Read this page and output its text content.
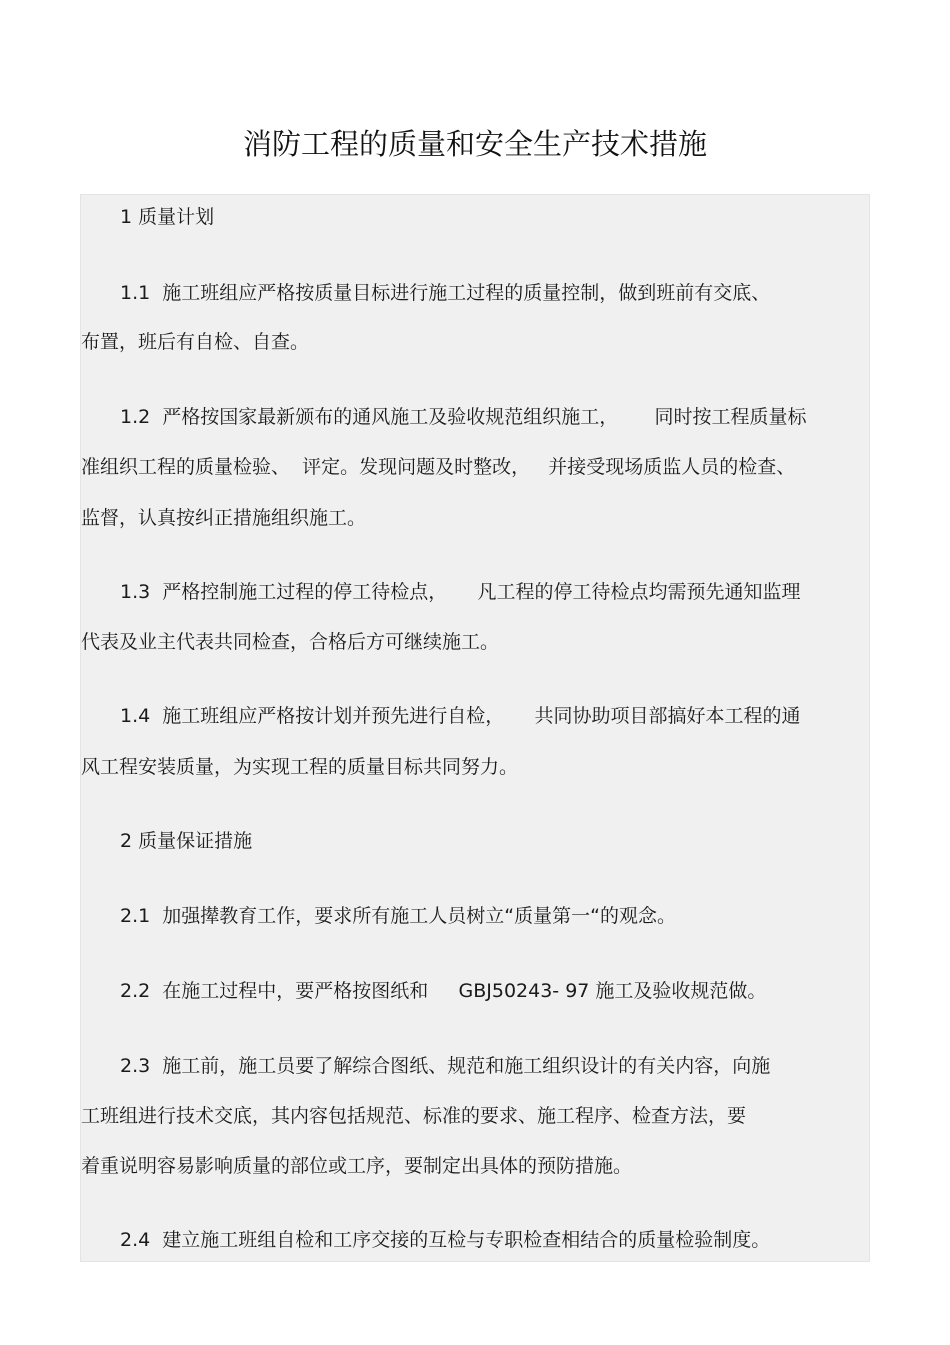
消防工程的质量和安全生产技术措施

1 质量计划

1.1  施工班组应严格按质量目标进行施工过程的质量控制，做到班前有交底、

布置，班后有自检、自查。

1.2  严格按国家最新颁布的通风施工及验收规范组织施工，      同时按工程质量标

准组织工程的质量检验、  评定。发现问题及时整改，   并接受现场质监人员的检查、

监督，认真按纠正措施组织施工。

1.3  严格控制施工过程的停工待检点，     凡工程的停工待检点均需预先通知监理

代表及业主代表共同检查，合格后方可继续施工。

1.4  施工班组应严格按计划并预先进行自检，     共同协助项目部搞好本工程的通

风工程安装质量，为实现工程的质量目标共同努力。

2 质量保证措施

2.1  加强撵教育工作，要求所有施工人员树立“质量第一“的观念。

2.2  在施工过程中，要严格按图纸和     GBJ50243- 97 施工及验收规范做。

2.3  施工前，施工员要了解综合图纸、规范和施工组织设计的有关内容，向施

工班组进行技术交底，其内容包括规范、标准的要求、施工程序、检查方法，要

着重说明容易影响质量的部位或工序，要制定出具体的预防措施。

2.4  建立施工班组自检和工序交接的互检与专职检查相结合的质量检验制度。
